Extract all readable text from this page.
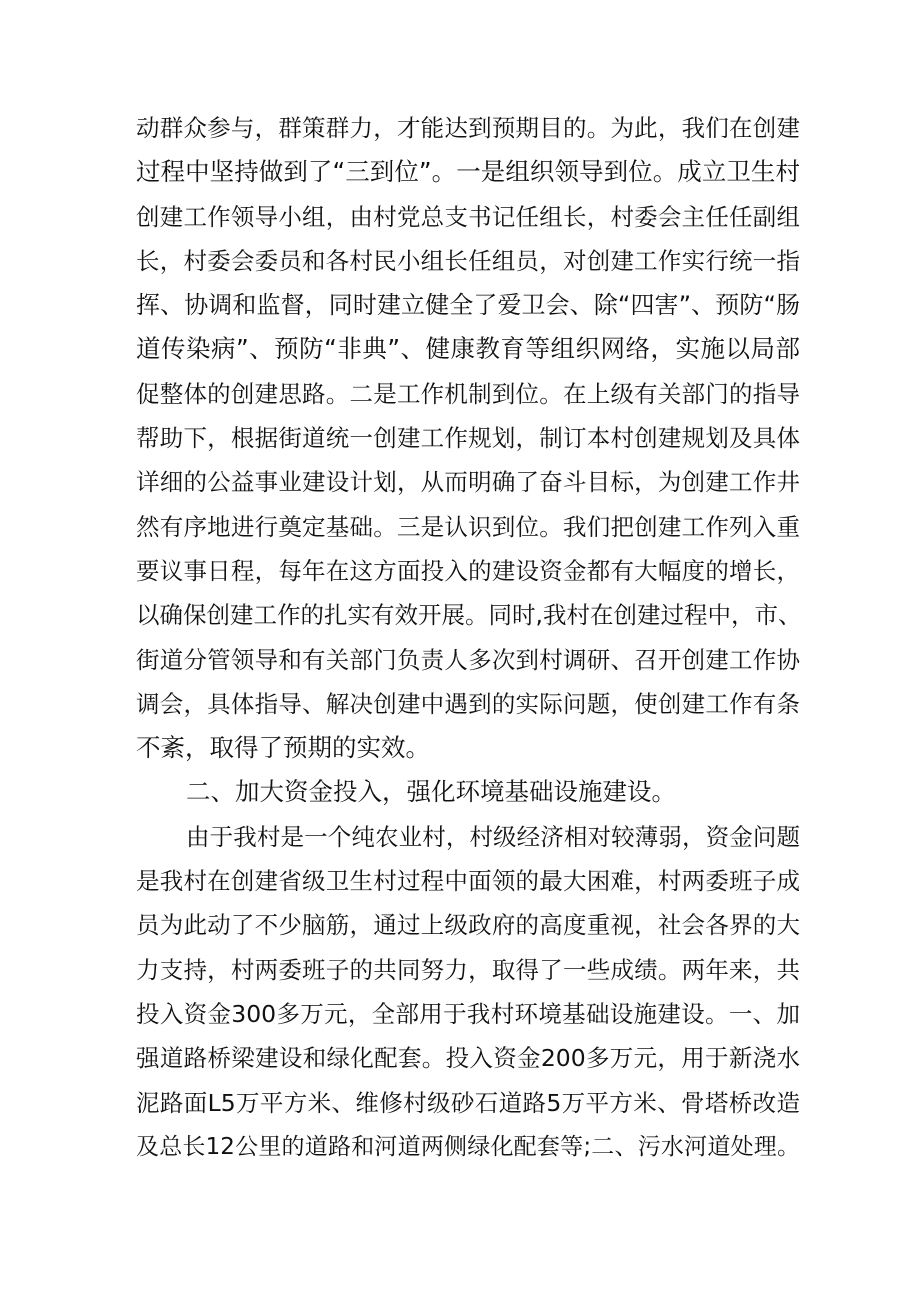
动群众参与，群策群力，才能达到预期目的。为此，我们在创建
过程中坚持做到了“三到位”。一是组织领导到位。成立卫生村
创建工作领导小组，由村党总支书记任组长，村委会主任任副组
长，村委会委员和各村民小组长任组员，对创建工作实行统一指
挥、协调和监督，同时建立健全了爱卫会、除“四害”、预防“肠
道传染病”、预防“非典”、健康教育等组织网络，实施以局部
促整体的创建思路。二是工作机制到位。在上级有关部门的指导
帮助下，根据街道统一创建工作规划，制订本村创建规划及具体
详细的公益事业建设计划，从而明确了奋斗目标，为创建工作井
然有序地进行奠定基础。三是认识到位。我们把创建工作列入重
要议事日程，每年在这方面投入的建设资金都有大幅度的增长，
以确保创建工作的扎实有效开展。同时,我村在创建过程中，市、
街道分管领导和有关部门负责人多次到村调研、召开创建工作协
调会，具体指导、解决创建中遇到的实际问题，使创建工作有条
不紊，取得了预期的实效。
二、加大资金投入，强化环境基础设施建设。
由于我村是一个纯农业村，村级经济相对较薄弱，资金问题
是我村在创建省级卫生村过程中面领的最大困难，村两委班子成
员为此动了不少脑筋，通过上级政府的高度重视，社会各界的大
力支持，村两委班子的共同努力，取得了一些成绩。两年来，共
投入资金300多万元，全部用于我村环境基础设施建设。一、加
强道路桥梁建设和绿化配套。投入资金200多万元，用于新浇水
泥路面L5万平方米、维修村级砂石道路5万平方米、骨塔桥改造
及总长12公里的道路和河道两侧绿化配套等;二、污水河道处理。
